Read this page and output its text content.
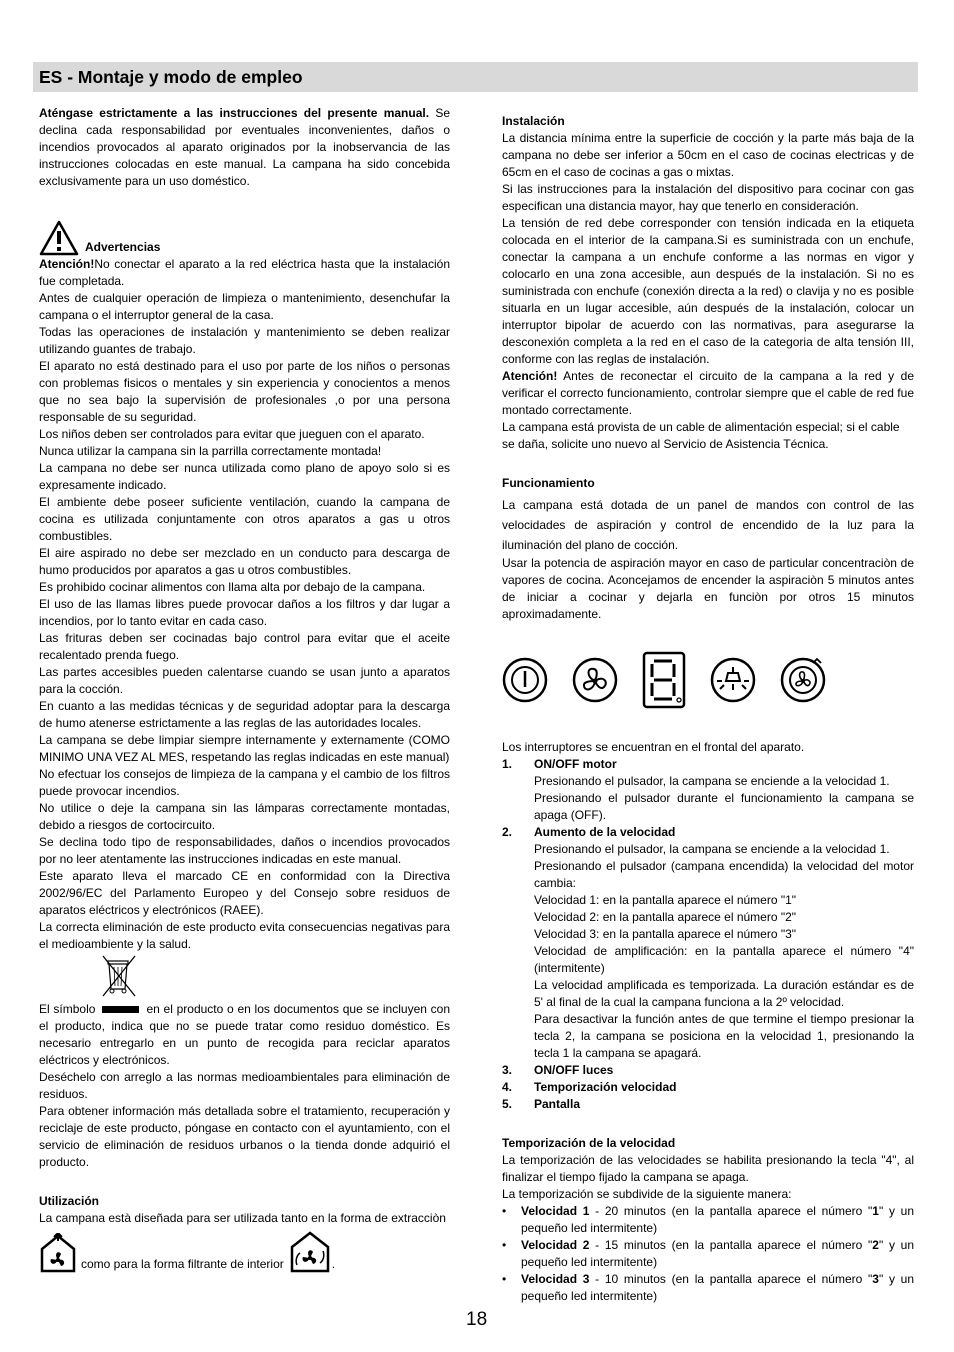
ES - Montaje y modo de empleo

Aténgase estrictamente a las instrucciones del presente manual. Se declina cada responsabilidad por eventuales inconvenientes, daños o incendios provocados al aparato originados por la inobservancia de las instrucciones colocadas en este manual. La campana ha sido concebida exclusivamente para un uso doméstico.

Advertencias

Atención!No conectar el aparato a la red eléctrica hasta que la instalación fue completada.

Antes de cualquier operación de limpieza o mantenimiento, desenchufar la campana o el interruptor general de la casa.

Todas las operaciones de instalación y mantenimiento se deben realizar utilizando guantes de trabajo.

El aparato no está destinado para el uso por parte de los niños o personas con problemas fisicos o mentales y sin experiencia y conocientos a menos que no sea bajo la supervisión de profesionales ,o por una persona responsable de su seguridad.

Los niños deben ser controlados para evitar que jueguen con el aparato.

Nunca utilizar la campana sin la parrilla correctamente montada!

La campana no debe ser nunca utilizada como plano de apoyo solo si es expresamente indicado.

El ambiente debe poseer suficiente ventilación, cuando la campana de cocina es utilizada conjuntamente con otros aparatos a gas u otros combustibles.

El aire aspirado no debe ser mezclado en un conducto para descarga de humo producidos por aparatos a gas u otros combustibles.

Es prohibido cocinar alimentos con llama alta por debajo de la campana.

El uso de las llamas libres puede provocar daños a los filtros y dar lugar a incendios, por lo tanto evitar en cada caso.

Las frituras deben ser cocinadas bajo control para evitar que el aceite recalentado prenda fuego.

Las partes accesibles pueden calentarse cuando se usan junto a aparatos para la cocción.

En cuanto a las medidas técnicas y de seguridad adoptar para la descarga de humo atenerse estrictamente a las reglas de las autoridades locales.

La campana se debe limpiar siempre internamente y externamente (COMO MINIMO UNA VEZ AL MES, respetando las reglas indicadas en este manual)

No efectuar los consejos de limpieza de la campana y el cambio de los filtros puede provocar incendios.

No utilice o deje la campana sin las lámparas correctamente montadas, debido a riesgos de cortocircuito.

Se declina todo tipo de responsabilidades, daños o incendios provocados por no leer atentamente las instrucciones indicadas en este manual.

Este aparato lleva el marcado CE en conformidad con la Directiva 2002/96/EC del Parlamento Europeo y del Consejo sobre residuos de aparatos eléctricos y electrónicos (RAEE).

La correcta eliminación de este producto evita consecuencias negativas para el medioambiente y la salud.

El símbolo	en el producto o en los documentos que se incluyen con el producto, indica que no se puede tratar como residuo doméstico. Es necesario entregarlo en un punto de recogida para reciclar aparatos eléctricos y electrónicos.

Deséchelo con arreglo a las normas medioambientales para eliminación de residuos.

Para obtener información más detallada sobre el tratamiento, recuperación y reciclaje de este producto, póngase en contacto con el ayuntamiento, con el servicio de eliminación de residuos urbanos o la tienda donde adquirió el producto.

Utilización

La campana està diseñada para ser utilizada tanto en la forma de extracciòn

como para la forma filtrante de interior	.

Instalación

La distancia mínima entre la superficie de cocción y la parte más baja de la campana no debe ser inferior a 50cm en el caso de cocinas electricas y de 65cm en el caso de cocinas a gas o mixtas.

Si las instrucciones para la instalación del dispositivo para cocinar con gas especifican una distancia mayor, hay que tenerlo en consideración.

La tensión de red debe corresponder con tensión indicada en la etiqueta colocada en el interior de la campana.Si es suministrada con un enchufe, conectar la campana a un enchufe conforme a las normas en vigor y colocarlo en una zona accesible, aun después de la instalación. Si no es suministrada con enchufe (conexión directa a la red) o clavija y no es posible situarla en un lugar accesible, aún después de la instalación, colocar un interruptor bipolar de acuerdo con las normativas, para asegurarse la desconexión completa a la red en el caso de la categoria de alta tensión III, conforme con las reglas de instalación.

Atención! Antes de reconectar el circuito de la campana a la red y de verificar el correcto funcionamiento, controlar siempre que el cable de red fue montado correctamente.

La campana está provista de un cable de alimentación especial; si el cable se daña, solicite uno nuevo al Servicio de Asistencia Técnica.

Funcionamiento

La campana está dotada de un panel de mandos con control de las velocidades de aspiración y control de encendido de la luz para la iluminación del plano de cocción.

Usar la potencia de aspiración mayor en caso de particular concentraciòn de vapores de cocina. Aconcejamos de encender la aspiraciòn 5 minutos antes de iniciar a cocinar y dejarla en funciòn por otros 15 minutos aproximadamente.

Los interruptores se encuentran en el frontal del aparato.

1.	ON/OFF motor

Presionando el pulsador, la campana se enciende a la velocidad 1.

Presionando el pulsador durante el funcionamiento la campana se apaga (OFF).

2.	Aumento de la velocidad

Presionando el pulsador, la campana se enciende a la velocidad 1.

Presionando el pulsador (campana encendida) la velocidad del motor cambia:

Velocidad 1: en la pantalla aparece el número "1"

Velocidad 2: en la pantalla aparece el número "2"

Velocidad 3: en la pantalla aparece el número "3"

Velocidad de amplificación: en la pantalla aparece el número "4" (intermitente)

La velocidad amplificada es temporizada. La duración estándar es de 5' al final de la cual la campana funciona a la 2º velocidad.

Para desactivar la función antes de que termine el tiempo presionar la tecla 2, la campana se posiciona en la velocidad 1, presionando la tecla 1 la campana se apagará.

3.	ON/OFF luces
4.	Temporización velocidad
5.	Pantalla

Temporización de la velocidad

La temporización de las velocidades se habilita presionando la tecla "4", al finalizar el tiempo fijado la campana se apaga.

La temporización se subdivide de la siguiente manera:

•	Velocidad 1 - 20 minutos (en la pantalla aparece el número "1" y un pequeño led intermitente)
•	Velocidad 2 - 15 minutos (en la pantalla aparece el número "2" y un pequeño led intermitente)
•	Velocidad 3 - 10 minutos (en la pantalla aparece el número "3" y un pequeño led intermitente)
18
